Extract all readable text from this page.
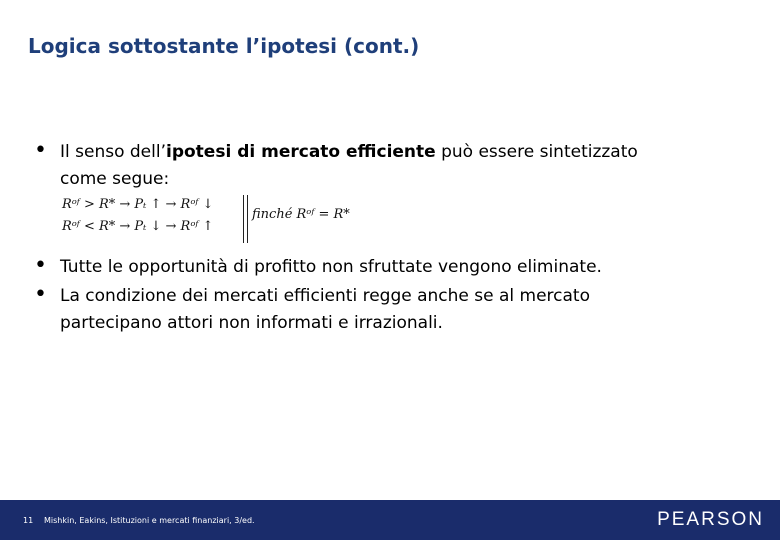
Logica sottostante l’ipotesi (cont.)
• Il senso dell’ipotesi di mercato efficiente può essere sintetizzato
come segue:
• Tutte le opportunità di profitto non sfruttate vengono eliminate.
• La condizione dei mercati efficienti regge anche se al mercato
partecipano attori non informati e irrazionali.
Rᵒᶠ > R* → Pₜ ↑ → Rᵒᶠ ↓
Rᵒᶠ < R* → Pₜ ↓ → Rᵒᶠ ↑
finché Rᵒᶠ = R*
11 Mishkin, Eakins, Istituzioni e mercati finanziari, 3/ed.	PEARSON
